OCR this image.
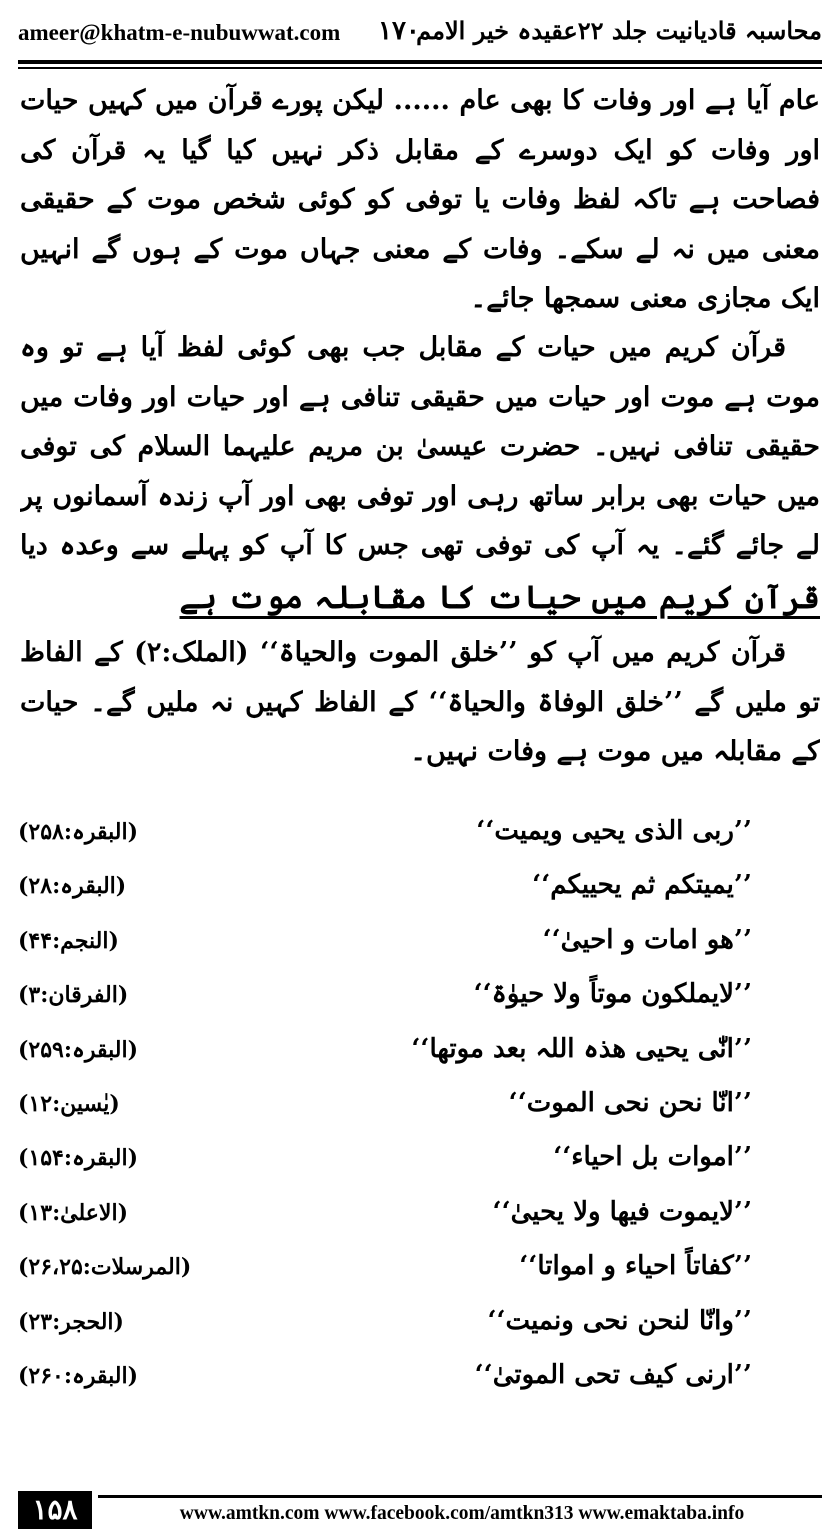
ameer@khatm-e-nubuwwat.com ۱۷۰
محاسبہ قادیانیت جلد ۲۲عقیدہ خیر الامم

عام آیا ہے اور وفات کا بھی عام ...... لیکن پورے قرآن میں کہیں حیات اور وفات کو ایک دوسرے کے مقابل ذکر نہیں کیا گیا یہ قرآن کی فصاحت ہے تاکہ لفظ وفات یا توفی کو کوئی شخص موت کے حقیقی معنی میں نہ لے سکے۔ وفات کے معنی جہاں موت کے ہوں گے انہیں ایک مجازی معنی سمجھا جائے۔

قرآن کریم میں حیات کے مقابل جب بھی کوئی لفظ آیا ہے تو وہ موت ہے موت اور حیات میں حقیقی تنافی ہے اور حیات اور وفات میں حقیقی تنافی نہیں۔ حضرت عیسیٰ بن مریم علیہما السلام کی توفی میں حیات بھی برابر ساتھ رہی اور توفی بھی اور آپ زندہ آسمانوں پر لے جائے گئے۔ یہ آپ کی توفی تھی جس کا آپ کو پہلے سے وعدہ دیا

قرآن کریم میں حیات کا مقابلہ موت ہے

قرآن کریم میں آپ کو ’’خلق الموت والحیاۃ‘‘ (الملک:۲) کے الفاظ تو ملیں گے ’’خلق الوفاۃ والحیاۃ‘‘ کے الفاظ کہیں نہ ملیں گے۔ حیات کے مقابلہ میں موت ہے وفات نہیں۔

’’ربی الذی یحیی ویمیت‘‘
(البقرہ:۲۵۸)
’’یمیتکم ثم یحییکم‘‘
(البقرہ:۲۸)
’’ھو امات و احییٰ‘‘
(النجم:۴۴)
’’لایملکون موتاً ولا حیوٰۃ‘‘
(الفرقان:۳)
’’انّٰی یحیی ھذہ اللہ بعد موتھا‘‘
(البقرہ:۲۵۹)
’’انّا نحن نحی الموت‘‘
(یٰسین:۱۲)
’’اموات بل احیاء‘‘
(البقرہ:۱۵۴)
’’لایموت فیھا ولا یحییٰ‘‘
(الاعلیٰ:۱۳)
’’کفاتاً احیاء و امواتا‘‘
(المرسلات:۲۶،۲۵)
’’وانّا لنحن نحی ونمیت‘‘
(الحجر:۲۳)
’’ارنی کیف تحی الموتیٰ‘‘
(البقرہ:۲۶۰)
۱۵۸	www.amtkn.com www.facebook.com/amtkn313 www.emaktaba.info
